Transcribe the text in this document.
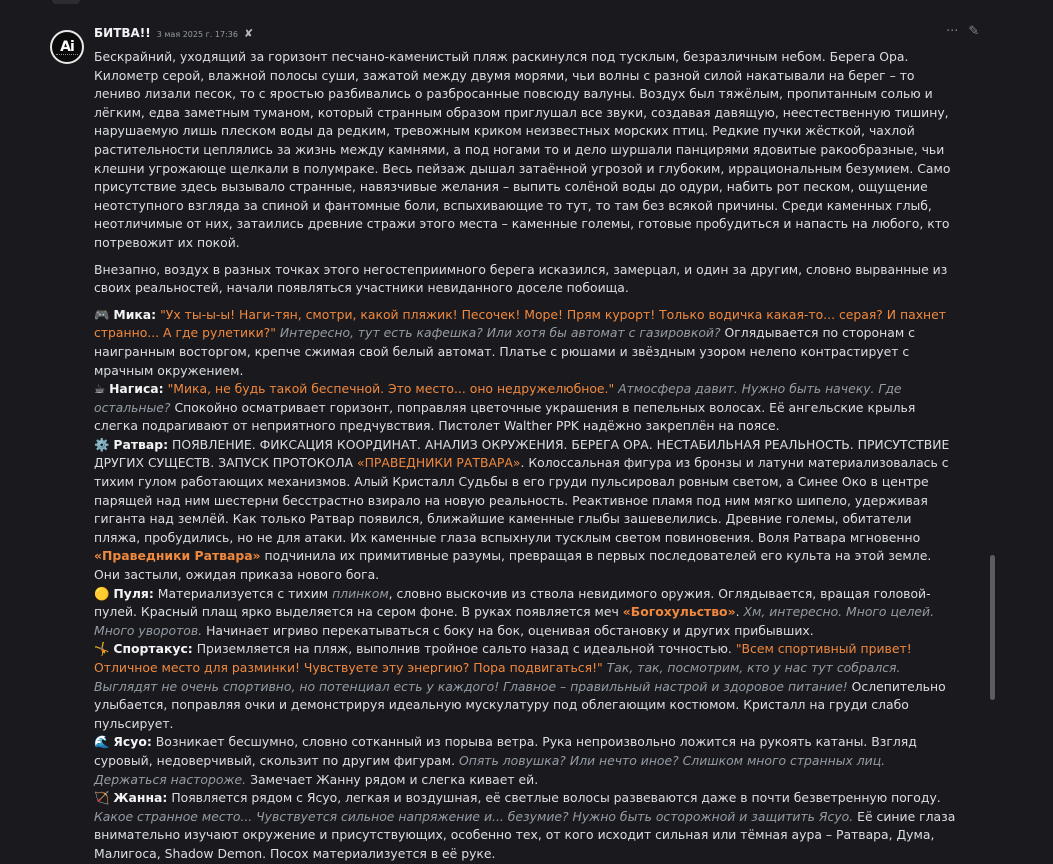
Ai
БИТВА!! 3 мая 2025 г. 17:36 ✘	··· ✎

Бескрайний, уходящий за горизонт песчано-каменистый пляж раскинулся под тусклым, безразличным небом. Берега Ора. Километр серой, влажной полосы суши, зажатой между двумя морями, чьи волны с разной силой накатывали на берег – то лениво лизали песок, то с яростью разбивались о разбросанные повсюду валуны. Воздух был тяжёлым, пропитанным солью и лёгким, едва заметным туманом, который странным образом приглушал все звуки, создавая давящую, неестественную тишину, нарушаемую лишь плеском воды да редким, тревожным криком неизвестных морских птиц. Редкие пучки жёсткой, чахлой растительности цеплялись за жизнь между камнями, а под ногами то и дело шуршали панцирями ядовитые ракообразные, чьи клешни угрожающе щелкали в полумраке. Весь пейзаж дышал затаённой угрозой и глубоким, иррациональным безумием. Само присутствие здесь вызывало странные, навязчивые желания – выпить солёной воды до одури, набить рот песком, ощущение неотступного взгляда за спиной и фантомные боли, вспыхивающие то тут, то там без всякой причины. Среди каменных глыб, неотличимые от них, затаились древние стражи этого места – каменные големы, готовые пробудиться и напасть на любого, кто потревожит их покой.

Внезапно, воздух в разных точках этого негостеприимного берега исказился, замерцал, и один за другим, словно вырванные из своих реальностей, начали появляться участники невиданного доселе побоища.

🎮 Мика: "Ух ты-ы-ы! Наги-тян, смотри, какой пляжик! Песочек! Море! Прям курорт! Только водичка какая-то... серая? И пахнет странно... А где рулетики?" Интересно, тут есть кафешка? Или хотя бы автомат с газировкой? Оглядывается по сторонам с наигранным восторгом, крепче сжимая свой белый автомат. Платье с рюшами и звёздным узором нелепо контрастирует с мрачным окружением.

☕ Нагиса: "Мика, не будь такой беспечной. Это место... оно недружелюбное." Атмосфера давит. Нужно быть начеку. Где остальные? Спокойно осматривает горизонт, поправляя цветочные украшения в пепельных волосах. Её ангельские крылья слегка подрагивают от неприятного предчувствия. Пистолет Walther PPK надёжно закреплён на поясе.

⚙️ Ратвар: ПОЯВЛЕНИЕ. ФИКСАЦИЯ КООРДИНАТ. АНАЛИЗ ОКРУЖЕНИЯ. БЕРЕГА ОРА. НЕСТАБИЛЬНАЯ РЕАЛЬНОСТЬ. ПРИСУТСТВИЕ ДРУГИХ СУЩЕСТВ. ЗАПУСК ПРОТОКОЛА «ПРАВЕДНИКИ РАТВАРА». Колоссальная фигура из бронзы и латуни материализовалась с тихим гулом работающих механизмов. Алый Кристалл Судьбы в его груди пульсировал ровным светом, а Синее Око в центре парящей над ним шестерни бесстрастно взирало на новую реальность. Реактивное пламя под ним мягко шипело, удерживая гиганта над землёй. Как только Ратвар появился, ближайшие каменные глыбы зашевелились. Древние големы, обитатели пляжа, пробудились, но не для атаки. Их каменные глаза вспыхнули тусклым светом повиновения. Воля Ратвара мгновенно «Праведники Ратвара» подчинила их примитивные разумы, превращая в первых последователей его культа на этой земле. Они застыли, ожидая приказа нового бога.

🟡 Пуля: Материализуется с тихим плинком, словно выскочив из ствола невидимого оружия. Оглядывается, вращая головой-пулей. Красный плащ ярко выделяется на сером фоне. В руках появляется меч «Богохульство». Хм, интересно. Много целей. Много уворотов. Начинает игриво перекатываться с боку на бок, оценивая обстановку и других прибывших.

🤸 Спортакус: Приземляется на пляж, выполнив тройное сальто назад с идеальной точностью. "Всем спортивный привет! Отличное место для разминки! Чувствуете эту энергию? Пора подвигаться!" Так, так, посмотрим, кто у нас тут собрался. Выглядят не очень спортивно, но потенциал есть у каждого! Главное – правильный настрой и здоровое питание! Ослепительно улыбается, поправляя очки и демонстрируя идеальную мускулатуру под облегающим костюмом. Кристалл на груди слабо пульсирует.

🌊 Ясуо: Возникает бесшумно, словно сотканный из порыва ветра. Рука непроизвольно ложится на рукоять катаны. Взгляд суровый, недоверчивый, скользит по другим фигурам. Опять ловушка? Или нечто иное? Слишком много странных лиц. Держаться настороже. Замечает Жанну рядом и слегка кивает ей.

🏹 Жанна: Появляется рядом с Ясуо, легкая и воздушная, её светлые волосы развеваются даже в почти безветренную погоду. Какое странное место... Чувствуется сильное напряжение и... безумие? Нужно быть осторожной и защитить Ясуо. Её синие глаза внимательно изучают окружение и присутствующих, особенно тех, от кого исходит сильная или тёмная аура – Ратвара, Дума, Малигоса, Shadow Demon. Посох материализуется в её руке.
